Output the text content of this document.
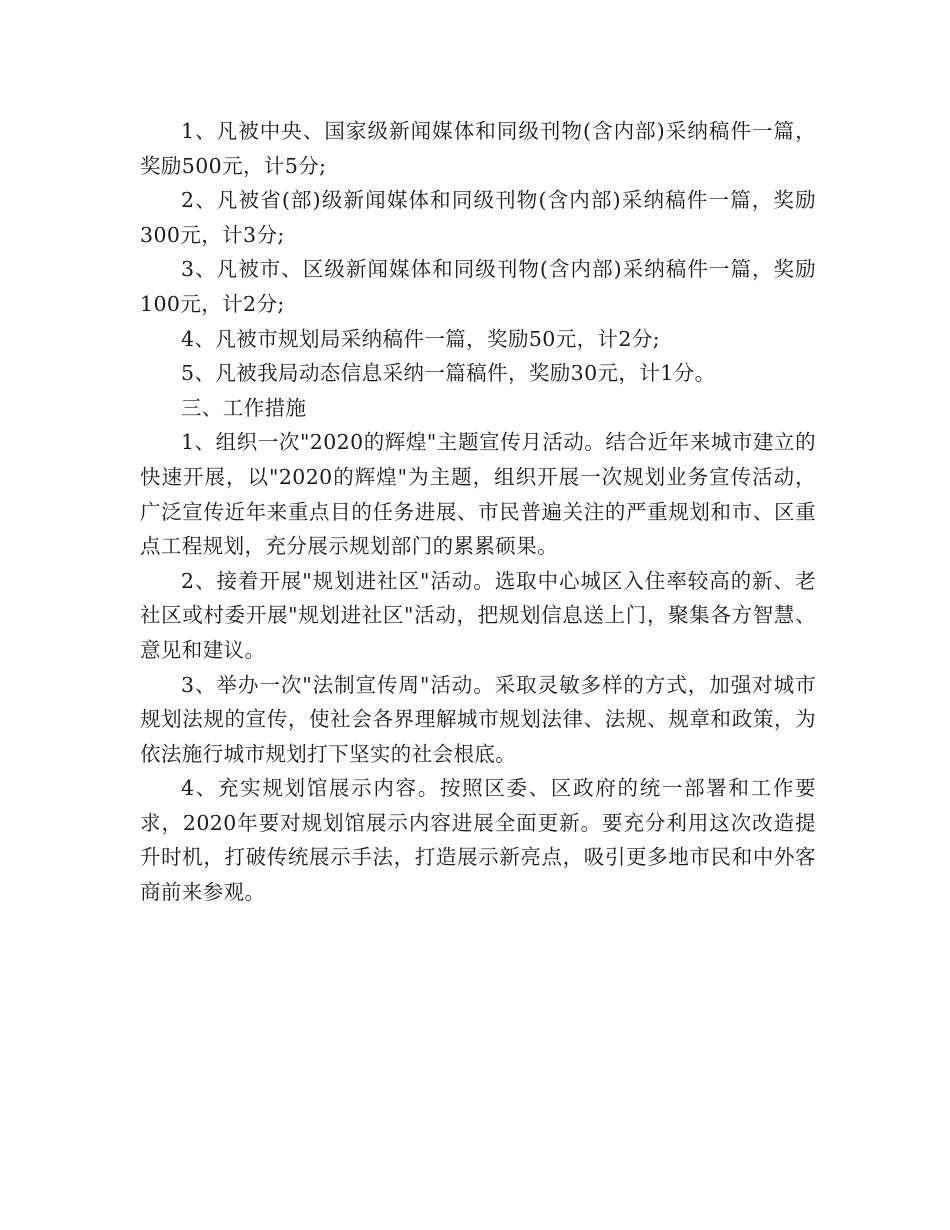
1、凡被中央、国家级新闻媒体和同级刊物(含内部)采纳稿件一篇，奖励500元，计5分;

2、凡被省(部)级新闻媒体和同级刊物(含内部)采纳稿件一篇，奖励300元，计3分;

3、凡被市、区级新闻媒体和同级刊物(含内部)采纳稿件一篇，奖励100元，计2分;

4、凡被市规划局采纳稿件一篇，奖励50元，计2分;

5、凡被我局动态信息采纳一篇稿件，奖励30元，计1分。

三、工作措施

1、组织一次"2020的辉煌"主题宣传月活动。结合近年来城市建立的快速开展，以"2020的辉煌"为主题，组织开展一次规划业务宣传活动，广泛宣传近年来重点目的任务进展、市民普遍关注的严重规划和市、区重点工程规划，充分展示规划部门的累累硕果。

2、接着开展"规划进社区"活动。选取中心城区入住率较高的新、老社区或村委开展"规划进社区"活动，把规划信息送上门，聚集各方智慧、意见和建议。

3、举办一次"法制宣传周"活动。采取灵敏多样的方式，加强对城市规划法规的宣传，使社会各界理解城市规划法律、法规、规章和政策，为依法施行城市规划打下坚实的社会根底。

4、充实规划馆展示内容。按照区委、区政府的统一部署和工作要求，2020年要对规划馆展示内容进展全面更新。要充分利用这次改造提升时机，打破传统展示手法，打造展示新亮点，吸引更多地市民和中外客商前来参观。
